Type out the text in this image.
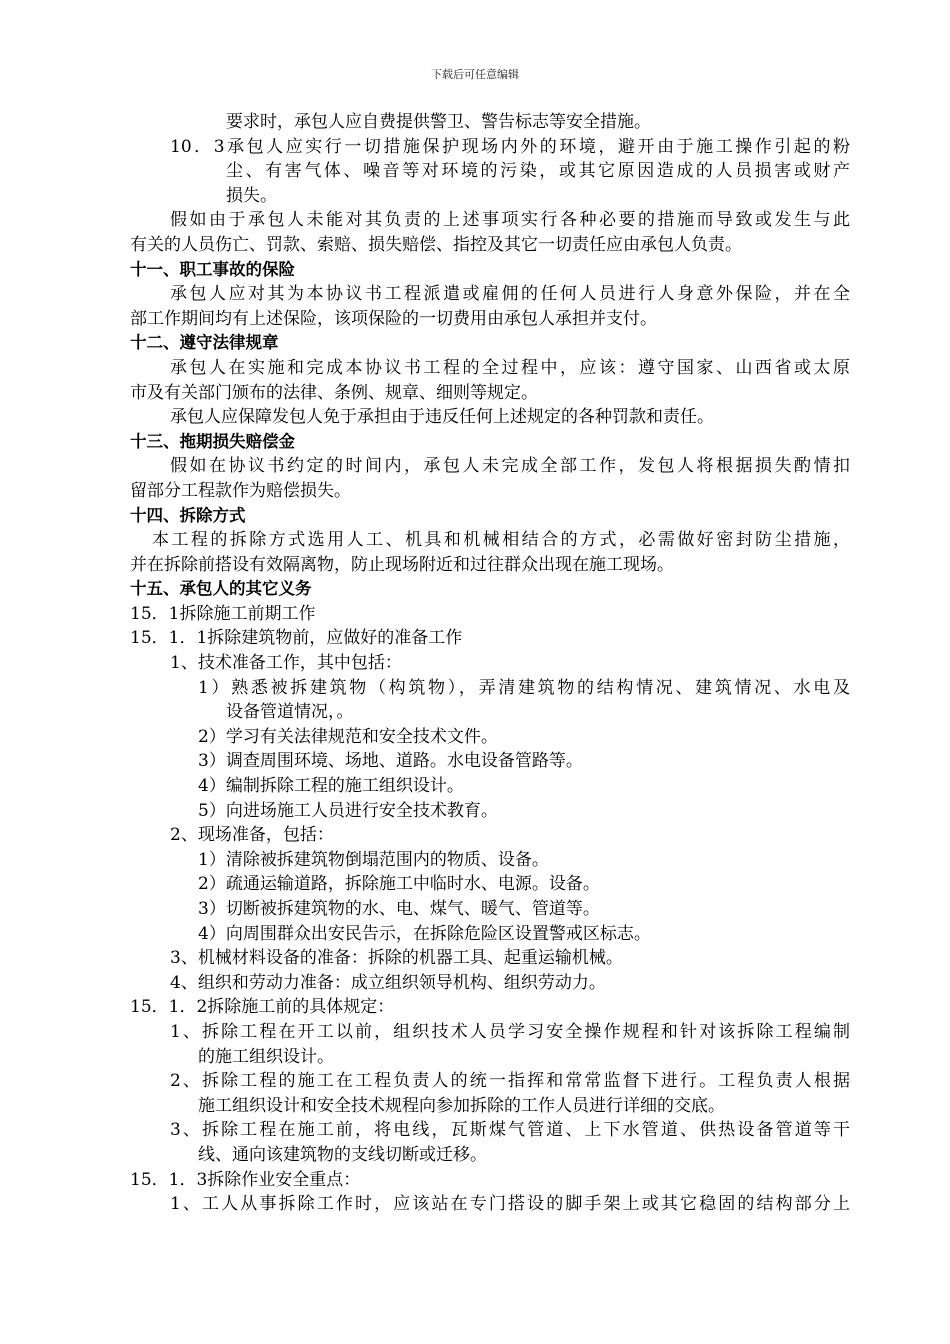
下载后可任意编辑
要求时，承包人应自费提供警卫、警告标志等安全措施。
10．3承包人应实行一切措施保护现场内外的环境，避开由于施工操作引起的粉
尘、有害气体、噪音等对环境的污染，或其它原因造成的人员损害或财产
损失。
假如由于承包人未能对其负责的上述事项实行各种必要的措施而导致或发生与此
有关的人员伤亡、罚款、索赔、损失赔偿、指控及其它一切责任应由承包人负责。
十一、职工事故的保险
承包人应对其为本协议书工程派遣或雇佣的任何人员进行人身意外保险，并在全
部工作期间均有上述保险，该项保险的一切费用由承包人承担并支付。
十二、遵守法律规章
承包人在实施和完成本协议书工程的全过程中，应该：遵守国家、山西省或太原
市及有关部门颁布的法律、条例、规章、细则等规定。
承包人应保障发包人免于承担由于违反任何上述规定的各种罚款和责任。
十三、拖期损失赔偿金
假如在协议书约定的时间内，承包人未完成全部工作，发包人将根据损失酌情扣
留部分工程款作为赔偿损失。
十四、拆除方式
本工程的拆除方式选用人工、机具和机械相结合的方式，必需做好密封防尘措施，
并在拆除前搭设有效隔离物，防止现场附近和过往群众出现在施工现场。
十五、承包人的其它义务
15．1拆除施工前期工作
15．1．1拆除建筑物前，应做好的准备工作
1、技术准备工作，其中包括：
1）熟悉被拆建筑物（构筑物），弄清建筑物的结构情况、建筑情况、水电及
设备管道情况，。
2）学习有关法律规范和安全技术文件。
3）调查周围环境、场地、道路。水电设备管路等。
4）编制拆除工程的施工组织设计。
5）向进场施工人员进行安全技术教育。
2、现场准备，包括：
1）清除被拆建筑物倒塌范围内的物质、设备。
2）疏通运输道路，拆除施工中临时水、电源。设备。
3）切断被拆建筑物的水、电、煤气、暖气、管道等。
4）向周围群众出安民告示，在拆除危险区设置警戒区标志。
3、机械材料设备的准备：拆除的机器工具、起重运输机械。
4、组织和劳动力准备：成立组织领导机构、组织劳动力。
15．1．2拆除施工前的具体规定：
1、拆除工程在开工以前，组织技术人员学习安全操作规程和针对该拆除工程编制
的施工组织设计。
2、拆除工程的施工在工程负责人的统一指挥和常常监督下进行。工程负责人根据
施工组织设计和安全技术规程向参加拆除的工作人员进行详细的交底。
3、拆除工程在施工前，将电线，瓦斯煤气管道、上下水管道、供热设备管道等干
线、通向该建筑物的支线切断或迁移。
15．1．3拆除作业安全重点：
1、工人从事拆除工作时，应该站在专门搭设的脚手架上或其它稳固的结构部分上
